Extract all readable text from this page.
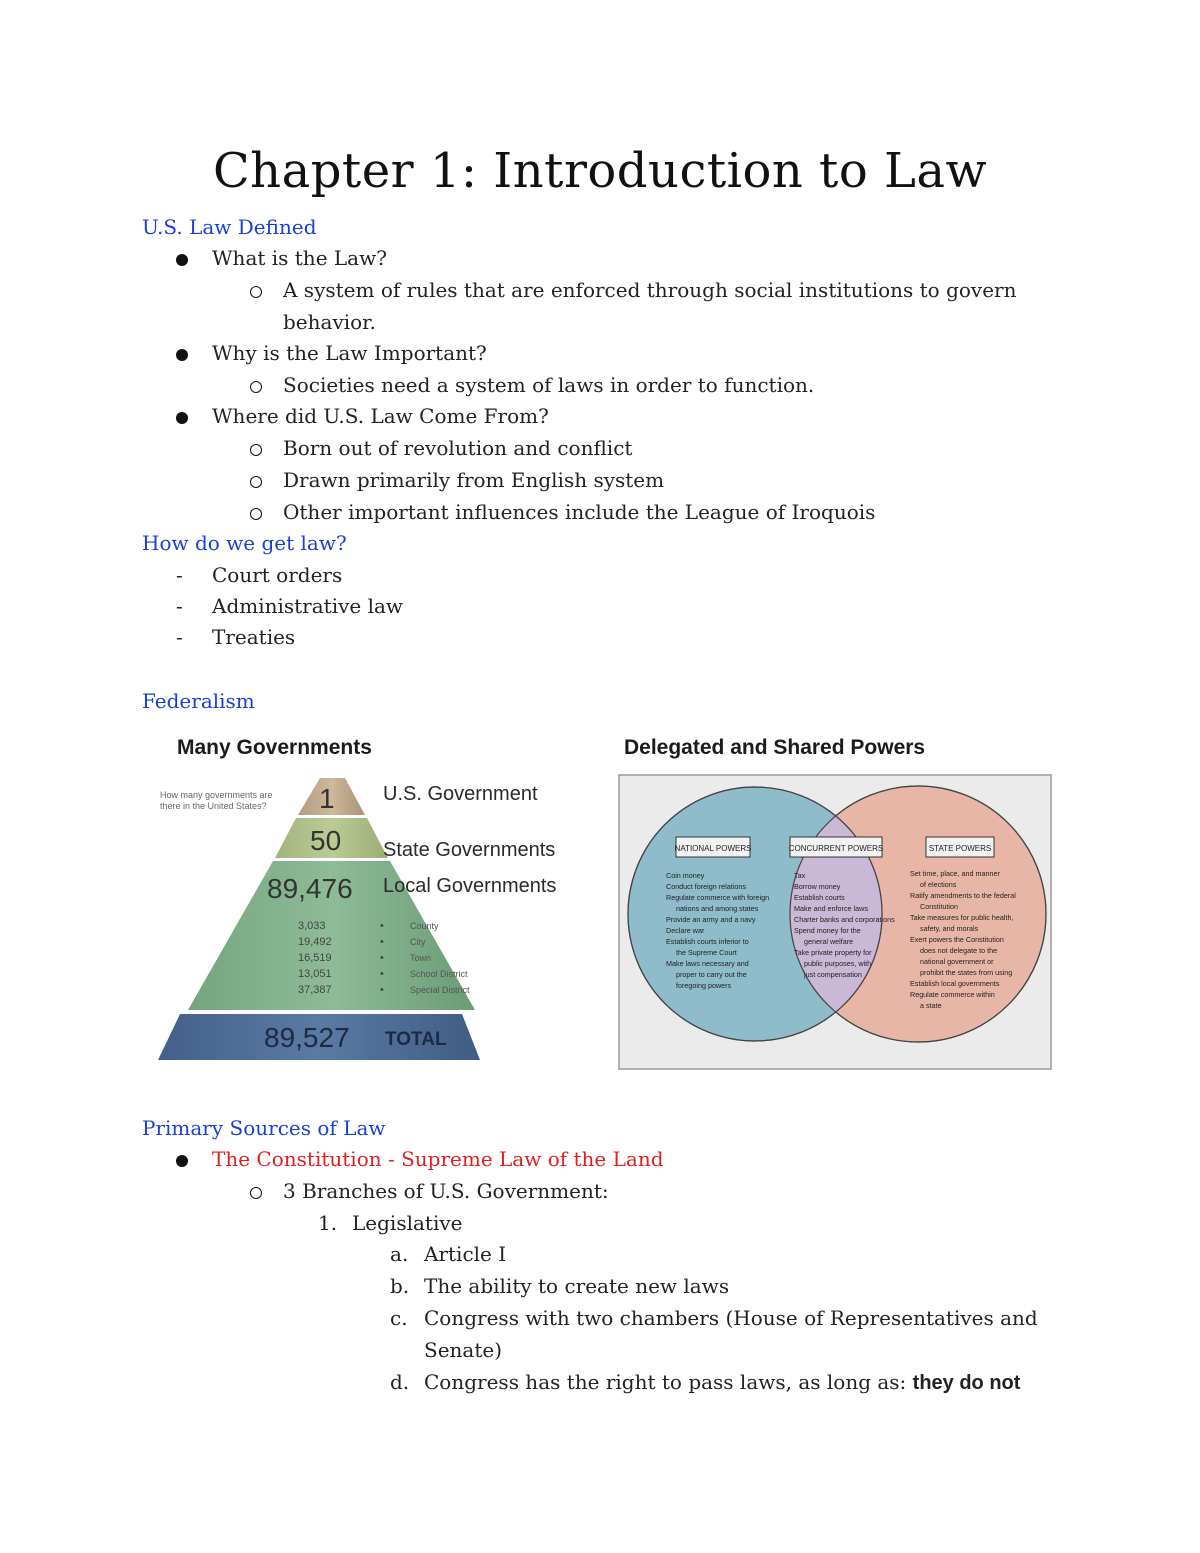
Chapter 1: Introduction to Law
U.S. Law Defined
What is the Law?
A system of rules that are enforced through social institutions to govern
behavior.
Why is the Law Important?
Societies need a system of laws in order to function.
Where did U.S. Law Come From?
Born out of revolution and conflict
Drawn primarily from English system
Other important influences include the League of Iroquois
How do we get law?
- Court orders
- Administrative law
- Treaties
Federalism
Many Governments
How many governments are
there in the United States? 1 U.S. Government
50 State Governments
89,476 Local Governments
3,033	•	County
19,492	•	City
16,519	•	Town
13,051	•	School District
37,387	•	Special District
89,527 TOTAL
Delegated and Shared Powers
NATIONAL POWERS	CONCURRENT POWERS	STATE POWERS
Coin money
Conduct foreign relations
Regulate commerce with foreign
nations and among states
Provide an army and a navy
Declare war
Establish courts inferior to
the Supreme Court
Make laws necessary and
proper to carry out the
foregoing powers
Tax
Borrow money
Establish courts
Make and enforce laws
Charter banks and corporations
Spend money for the
general welfare
Take private property for
public purposes, with
just compensation
Set time, place, and manner
of elections
Ratify amendments to the federal
Constitution
Take measures for public health,
safety, and morals
Exert powers the Constitution
does not delegate to the
national government or
prohibit the states from using
Establish local governments
Regulate commerce within
a state
Primary Sources of Law
The Constitution - Supreme Law of the Land
3 Branches of U.S. Government:
1. Legislative
a. Article I
b. The ability to create new laws
c. Congress with two chambers (House of Representatives and
Senate)
d. Congress has the right to pass laws, as long as: they do not
